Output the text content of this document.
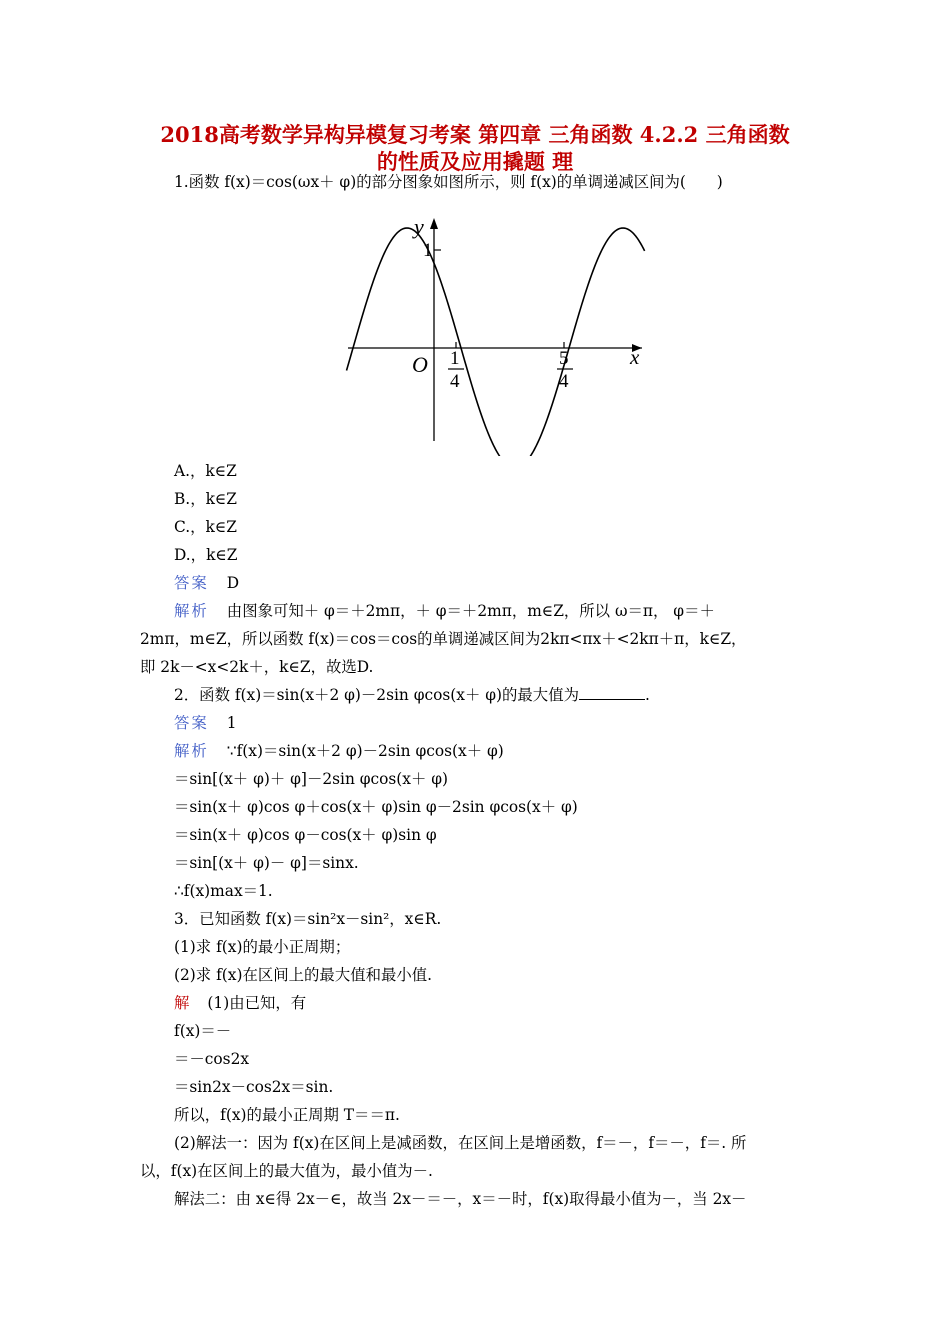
2018高考数学异构异模复习考案 第四章 三角函数 4.2.2 三角函数
的性质及应用撬题 理
1.函数 f(x)＝cos(ωx＋ φ)的部分图象如图所示，则 f(x)的单调递减区间为(　　)
y
1
x
O 1
4
5
4
A.，k∈Z
B.，k∈Z
C.，k∈Z
D.，k∈Z
答案 D
解析 由图象可知＋ φ＝＋2mπ，＋ φ＝＋2mπ，m∈Z，所以 ω＝π， φ＝＋
2mπ，m∈Z，所以函数 f(x)＝cos＝cos的单调递减区间为2kπ<πx＋<2kπ＋π，k∈Z，
即 2k－<x<2k＋，k∈Z，故选D.
2．函数 f(x)＝sin(x＋2 φ)－2sin φcos(x＋ φ)的最大值为	.
答案 1
解析 ∵f(x)＝sin(x＋2 φ)－2sin φcos(x＋ φ)
＝sin[(x＋ φ)＋ φ]－2sin φcos(x＋ φ)
＝sin(x＋ φ)cos φ＋cos(x＋ φ)sin φ－2sin φcos(x＋ φ)
＝sin(x＋ φ)cos φ－cos(x＋ φ)sin φ
＝sin[(x＋ φ)－ φ]＝sinx.
∴f(x)max＝1.
3．已知函数 f(x)＝sin²x－sin²，x∈R.
(1)求 f(x)的最小正周期；
(2)求 f(x)在区间上的最大值和最小值.
解 (1)由已知，有
f(x)＝－
＝－cos2x
＝sin2x－cos2x＝sin.
所以，f(x)的最小正周期 T＝＝π.
(2)解法一：因为 f(x)在区间上是减函数，在区间上是增函数，f＝－，f＝－，f＝. 所
以，f(x)在区间上的最大值为，最小值为－.
解法二：由 x∈得 2x－∈，故当 2x－＝－，x＝－时，f(x)取得最小值为－，当 2x－
